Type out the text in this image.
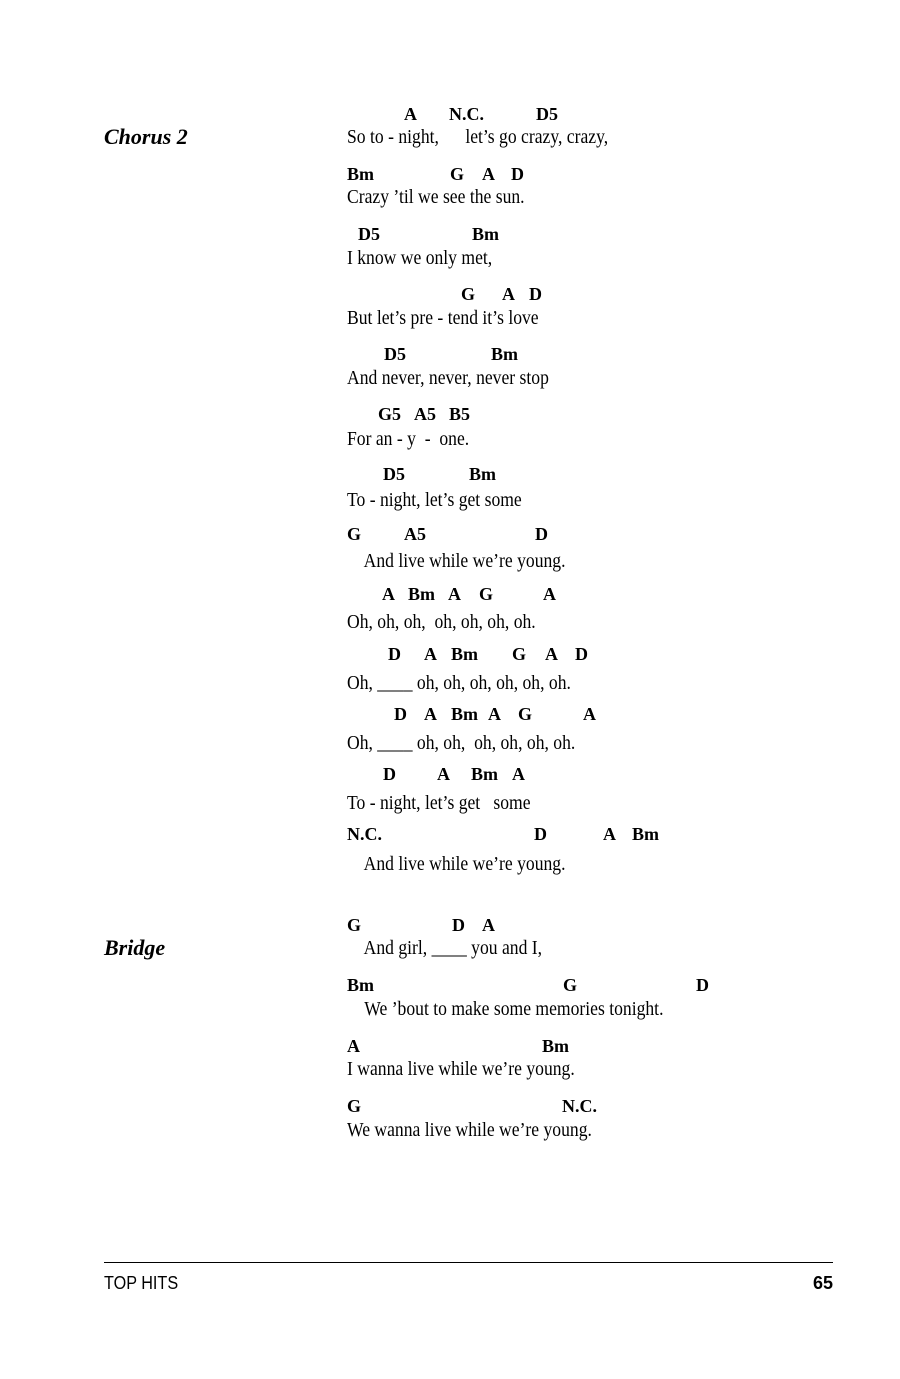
Chorus 2
Bridge
A N.C.	D5
So to - night,      let’s go crazy, crazy,
Bm	G A D
Crazy ’til we see the sun.
D5	Bm
I know we only met,
G A D
But let’s pre - tend it’s love
D5	Bm
And never, never, never stop
G5 A5 B5
For an - y  -  one.
D5	Bm
To - night, let’s get some
G A5	D
And live while we’re young.
A Bm A G	A
Oh, oh, oh,  oh, oh, oh, oh.
D A Bm G A D
Oh, ____ oh, oh, oh, oh, oh, oh.
D A Bm A G	A
Oh, ____ oh, oh,  oh, oh, oh, oh.
D A Bm A
To - night, let’s get   some
N.C.	D	A Bm
And live while we’re young.
G	D A
And girl, ____ you and I,
Bm	G	D
We ’bout to make some memories tonight.
A	Bm
I wanna live while we’re young.
G	N.C.
We wanna live while we’re young.
TOP HITS	65
